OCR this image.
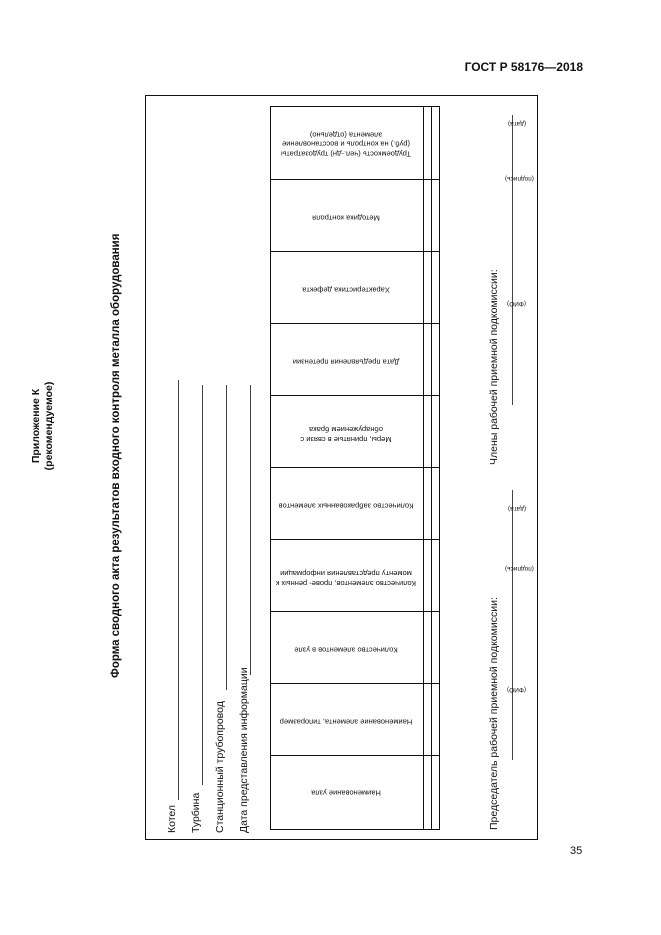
ГОСТ Р 58176—2018
Приложение К (рекомендуемое)	Форма сводного акта результатов входного контроля металла оборудования
Котел Турбина Станционный трубопровод Дата представления информации	Наименование узла
Наименование элемента, типоразмер
Количество элементов в узле
Количество элементов, прове- ренных к моменту представления информации
Количество забракованных элементов
Меры, принятые в связи с обнаружением брака
Дата предъявления претензии
Характеристика дефекта
Методика контроля
Трудоемкость (чел.-дн) трудозатраты (руб.) на контроль и восстановление элемента (отдельно)
Председатель рабочей приемной подкомиссии: (ФИО)
(подпись)
(дата)
Члены рабочей приемной подкомиссии: (ФИО)
(подпись)
(дата)
35
